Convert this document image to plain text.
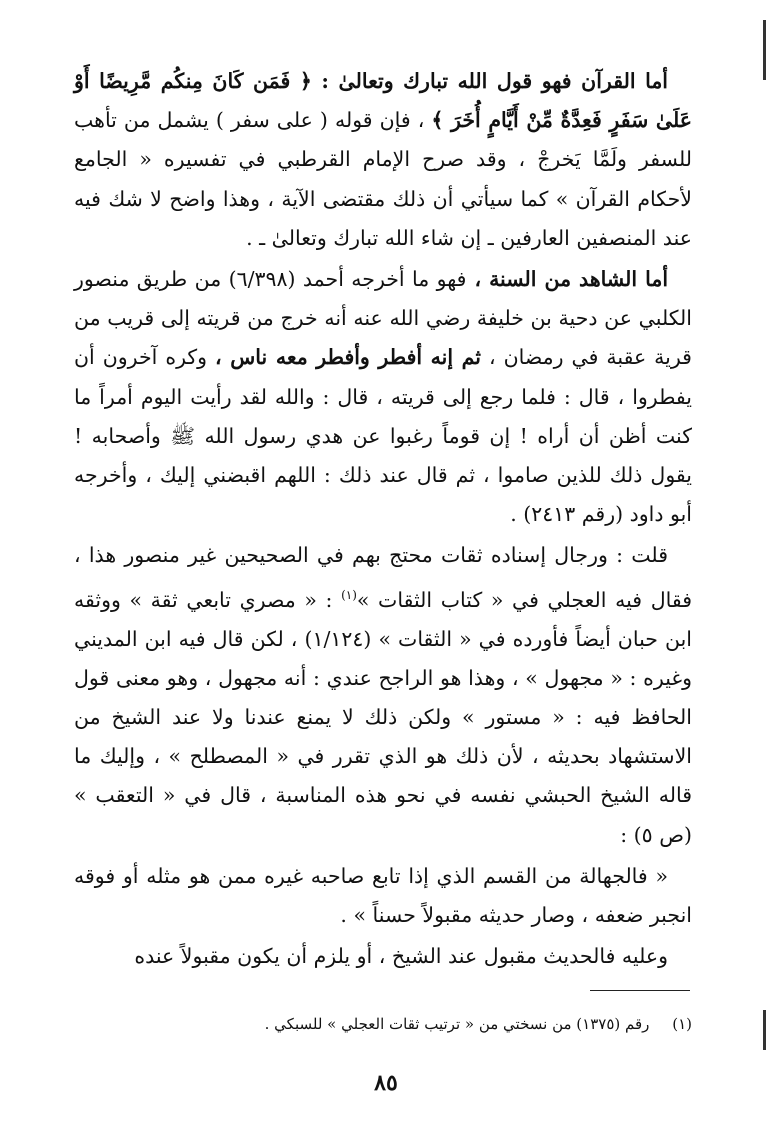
أما القرآن فهو قول الله تبارك وتعالىٰ : ﴿ فَمَن كَانَ مِنكُم مَّرِيضًا أَوْ عَلَىٰ سَفَرٍ فَعِدَّةٌ مِّنْ أَيَّامٍ أُخَرَ ﴾ ، فإن قوله ( على سفر ) يشمل من تأهب للسفر ولَمَّا يَخرجْ ، وقد صرح الإمام القرطبي في تفسيره « الجامع لأحكام القرآن » كما سيأتي أن ذلك مقتضى الآية ، وهذا واضح لا شك فيه عند المنصفين العارفين ـ إن شاء الله تبارك وتعالىٰ ـ .

أما الشاهد من السنة ، فهو ما أخرجه أحمد (٦/٣٩٨) من طريق منصور الكلبي عن دحية بن خليفة رضي الله عنه أنه خرج من قريته إلى قريب من قرية عقبة في رمضان ، ثم إنه أفطر وأفطر معه ناس ، وكره آخرون أن يفطروا ، قال : فلما رجع إلى قريته ، قال : والله لقد رأيت اليوم أمراً ما كنت أظن أن أراه ! إن قوماً رغبوا عن هدي رسول الله ﷺ وأصحابه ! يقول ذلك للذين صاموا ، ثم قال عند ذلك : اللهم اقبضني إليك ، وأخرجه أبو داود (رقم ٢٤١٣) .

قلت : ورجال إسناده ثقات محتج بهم في الصحيحين غير منصور هذا ، فقال فيه العجلي في « كتاب الثقات »$^{(١)}$ : « مصري تابعي ثقة » ووثقه ابن حبان أيضاً فأورده في « الثقات » (١/١٢٤) ، لكن قال فيه ابن المديني وغيره : « مجهول » ، وهذا هو الراجح عندي : أنه مجهول ، وهو معنى قول الحافظ فيه : « مستور » ولكن ذلك لا يمنع عندنا ولا عند الشيخ من الاستشهاد بحديثه ، لأن ذلك هو الذي تقرر في « المصطلح » ، وإليك ما قاله الشيخ الحبشي نفسه في نحو هذه المناسبة ، قال في « التعقب » (ص ٥) :

« فالجهالة من القسم الذي إذا تابع صاحبه غيره ممن هو مثله أو فوقه انجبر ضعفه ، وصار حديثه مقبولاً حسناً » .

وعليه فالحديث مقبول عند الشيخ ، أو يلزم أن يكون مقبولاً عنده

(١) رقم (١٣٧٥) من نسختي من « ترتيب ثقات العجلي » للسبكي .
٨٥
